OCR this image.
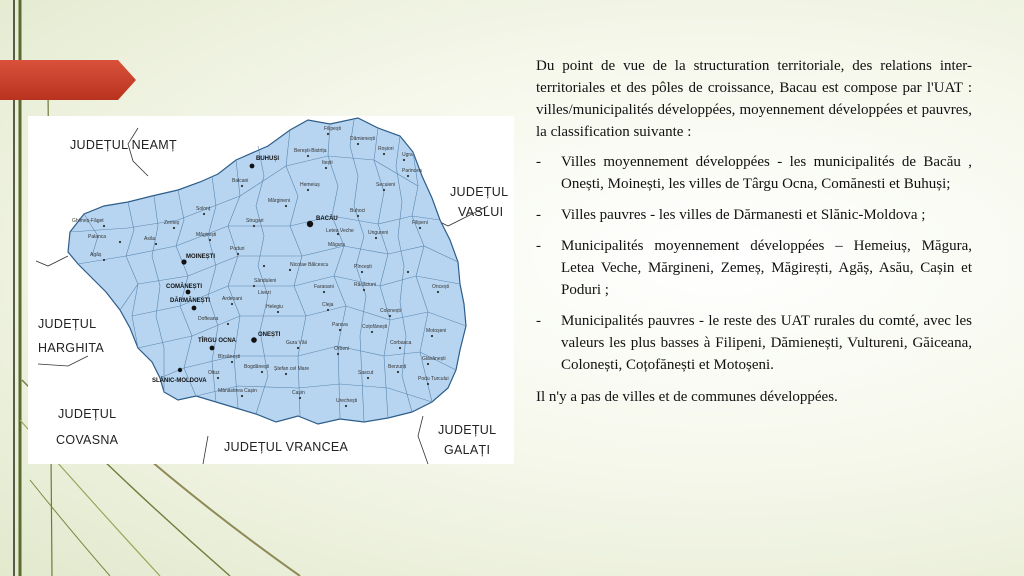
JUDEȚUL NEAMȚ
JUDEȚUL
VASLUI
JUDEȚUL
HARGHITA
JUDEȚUL
COVASNA	JUDEȚUL VRANCEA
JUDEȚUL
GALAȚI
BACĂU
BUHUȘI
MOINEȘTI
COMĂNEȘTI
DĂRMĂNEȘTI
TÎRGU OCNA
ONEȘTI
SLĂNIC-MOLDOVA
Filipești
Dămienești
Roșiori
Ugra
Parincea
Berești-Bistrița
Itești
Balcani
Mărgineni
Hemeiuș	Secuieni
Letea Veche
Buhoci
Ungureni
Filipeni
Ghimeș-Făget
Palanca
Agăș
Zemeș
Solonț
Măgirești
Poduri
Strugari
Măgura
Sănduleni
Livezi
Nicolae Bălcescu
Faraoani
Cleja
Oncești
Pîncești
Răcăciuni
Helegiu
Dofteana
Bîrsănești
Parava
Motoșeni
Glăvănești
Coțofănești
Gura Văii
Orbeni
Ștefan cel Mare
Bogdănești
Oituz
Mănăstirea Cașin	Cașin
Urechești
Podu Turcului
Corbasca
Asău
Colonești
Ardeoani
Berzunți
Sascut

Du point de vue de la structuration territoriale, des relations inter- territoriales et des pôles de croissance, Bacau est compose par l'UAT : villes/municipalités développées, moyennement développées et pauvres, la classification suivante :

- Villes moyennement développées - les municipalités de Bacău , Onești, Moinești, les villes de Târgu Ocna, Comănesti et Buhuși;
- Villes pauvres - les villes de Dărmanesti et Slănic-Moldova ;
- Municipalités moyennement développées – Hemeiuș, Măgura, Letea Veche, Mărgineni, Zemeș, Măgirești, Agăș, Asău, Cașin et Poduri ;
- Municipalités pauvres - le reste des UAT rurales du comté, avec les valeurs les plus basses à Filipeni, Dămienești, Vultureni, Găiceana, Colonești, Coțofănești et Motoșeni.

Il n'y a pas de villes et de communes développées.
